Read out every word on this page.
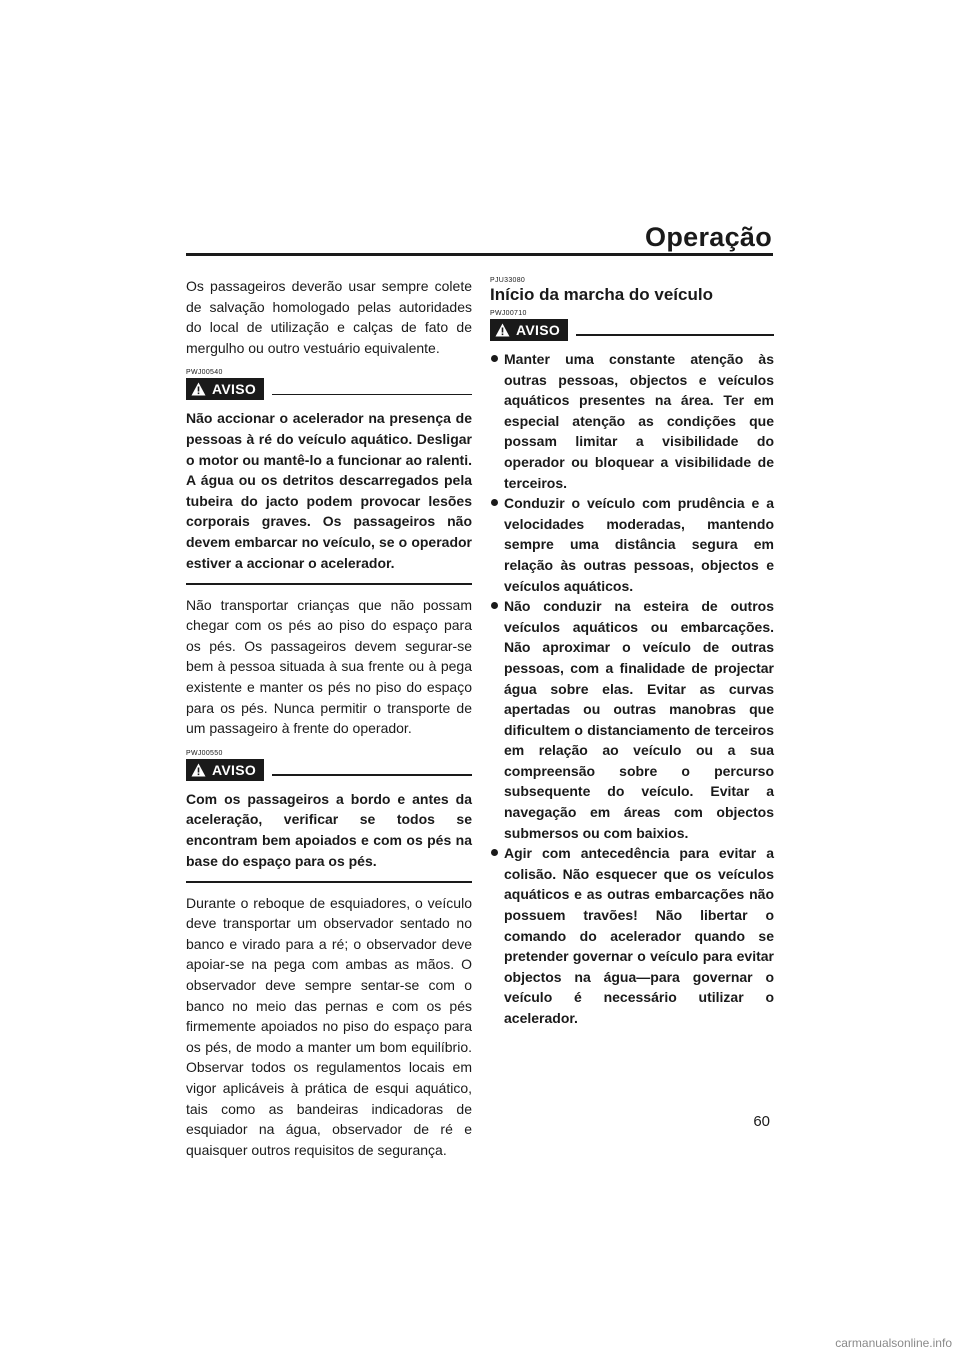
Operação

Os passageiros deverão usar sempre colete de salvação homologado pelas autoridades do local de utilização e calças de fato de mergulho ou outro vestuário equivalente.

PWJ00540
AVISO

Não accionar o acelerador na presença de pessoas à ré do veículo aquático. Desligar o motor ou mantê-lo a funcionar ao ralenti. A água ou os detritos descarregados pela tubeira do jacto podem provocar lesões corporais graves. Os passageiros não devem embarcar no veículo, se o operador estiver a accionar o acelerador.

Não transportar crianças que não possam chegar com os pés ao piso do espaço para os pés. Os passageiros devem segurar-se bem à pessoa situada à sua frente ou à pega existente e manter os pés no piso do espaço para os pés. Nunca permitir o transporte de um passageiro à frente do operador.

PWJ00550
AVISO

Com os passageiros a bordo e antes da aceleração, verificar se todos se encontram bem apoiados e com os pés na base do espaço para os pés.

Durante o reboque de esquiadores, o veículo deve transportar um observador sentado no banco e virado para a ré; o observador deve apoiar-se na pega com ambas as mãos. O observador deve sempre sentar-se com o banco no meio das pernas e com os pés firmemente apoiados no piso do espaço para os pés, de modo a manter um bom equilíbrio. Observar todos os regulamentos locais em vigor aplicáveis à prática de esqui aquático, tais como as bandeiras indicadoras de esquiador na água, observador de ré e quaisquer outros requisitos de segurança.

PJU33080
Início da marcha do veículo
PWJ00710
AVISO
Manter uma constante atenção às outras pessoas, objectos e veículos aquáticos presentes na área. Ter em especial atenção as condições que possam limitar a visibilidade do operador ou bloquear a visibilidade de terceiros.
Conduzir o veículo com prudência e a velocidades moderadas, mantendo sempre uma distância segura em relação às outras pessoas, objectos e veículos aquáticos.
Não conduzir na esteira de outros veículos aquáticos ou embarcações. Não aproximar o veículo de outras pessoas, com a finalidade de projectar água sobre elas. Evitar as curvas apertadas ou outras manobras que dificultem o distanciamento de terceiros em relação ao veículo ou a sua compreensão sobre o percurso subsequente do veículo. Evitar a navegação em áreas com objectos submersos ou com baixios.
Agir com antecedência para evitar a colisão. Não esquecer que os veículos aquáticos e as outras embarcações não possuem travões! Não libertar o comando do acelerador quando se pretender governar o veículo para evitar objectos na água—para governar o veículo é necessário utilizar o acelerador.
60
carmanualsonline.info
